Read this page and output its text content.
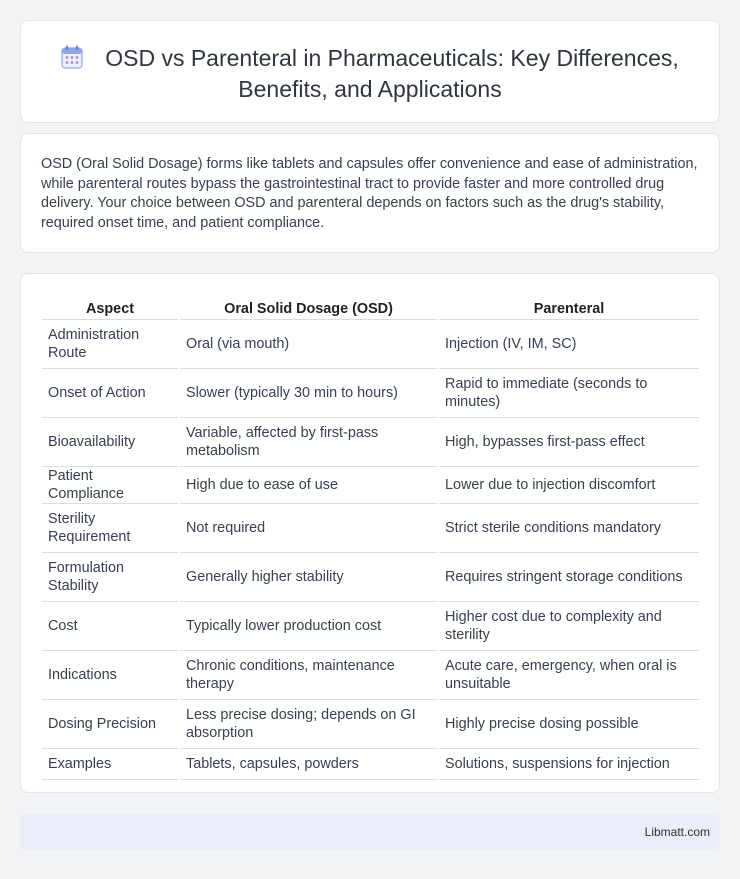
OSD vs Parenteral in Pharmaceuticals: Key Differences, Benefits, and Applications

OSD (Oral Solid Dosage) forms like tablets and capsules offer convenience and ease of administration, while parenteral routes bypass the gastrointestinal tract to provide faster and more controlled drug delivery. Your choice between OSD and parenteral depends on factors such as the drug's stability, required onset time, and patient compliance.

Aspect	Oral Solid Dosage (OSD)	Parenteral
Administration Route	Oral (via mouth)	Injection (IV, IM, SC)
Onset of Action	Slower (typically 30 min to hours)	Rapid to immediate (seconds to minutes)
Bioavailability	Variable, affected by first-pass metabolism	High, bypasses first-pass effect
Patient Compliance	High due to ease of use	Lower due to injection discomfort
Sterility Requirement	Not required	Strict sterile conditions mandatory
Formulation Stability	Generally higher stability	Requires stringent storage conditions
Cost	Typically lower production cost	Higher cost due to complexity and sterility
Indications	Chronic conditions, maintenance therapy	Acute care, emergency, when oral is unsuitable
Dosing Precision	Less precise dosing; depends on GI absorption	Highly precise dosing possible
Examples	Tablets, capsules, powders	Solutions, suspensions for injection
Libmatt.com
